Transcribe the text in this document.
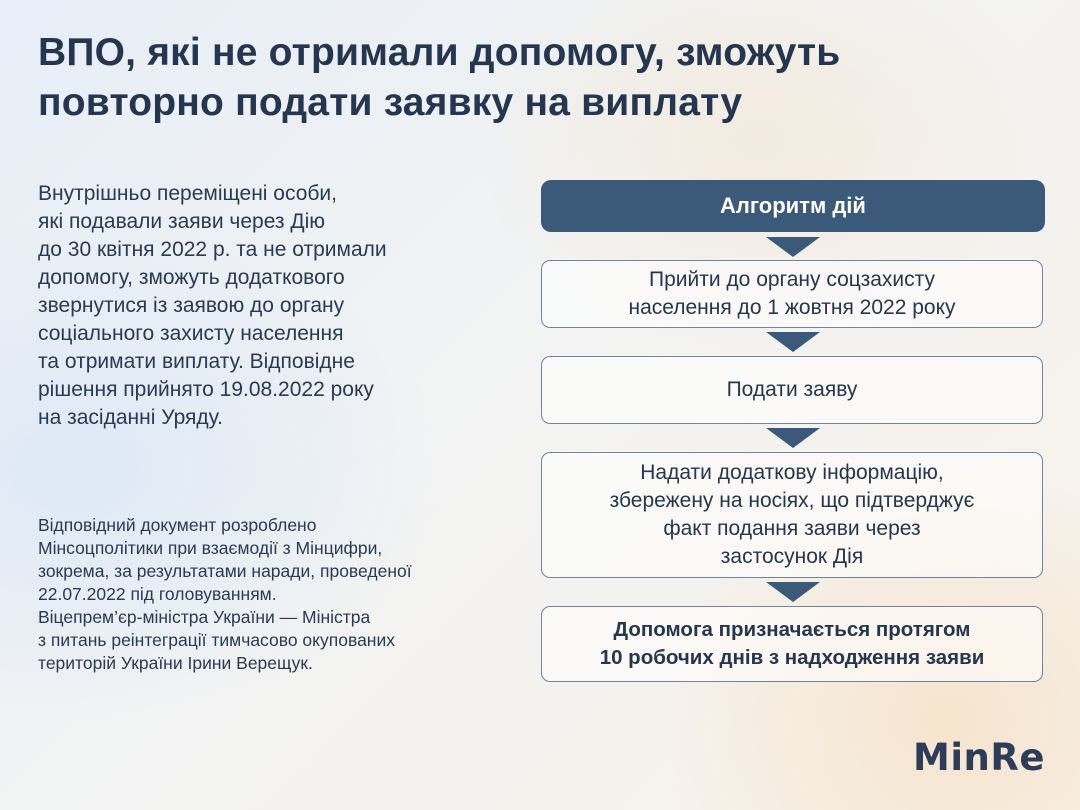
ВПО, які не отримали допомогу, зможуть
повторно подати заявку на виплату

Внутрішньо переміщені особи,
які подавали заяви через Дію
до 30 квітня 2022 р. та не отримали
допомогу, зможуть додаткового
звернутися із заявою до органу
соціального захисту населення
та отримати виплату. Відповідне
рішення прийнято 19.08.2022 року
на засіданні Уряду.

Відповідний документ розроблено
Мінсоцполітики при взаємодії з Мінцифри,
зокрема, за результатами наради, проведеної
22.07.2022 під головуванням.
Віцепрем’єр-міністра України — Міністра
з питань реінтеграції тимчасово окупованих
територій України Ірини Верещук.

Алгоритм дій
Прийти до органу соцзахисту
населення до 1 жовтня 2022 року
Подати заяву
Надати додаткову інформацію,
збережену на носіях, що підтверджує
факт подання заяви через
застосунок Дія
Допомога призначається протягом
10 робочих днів з надходження заяви
MinRe
